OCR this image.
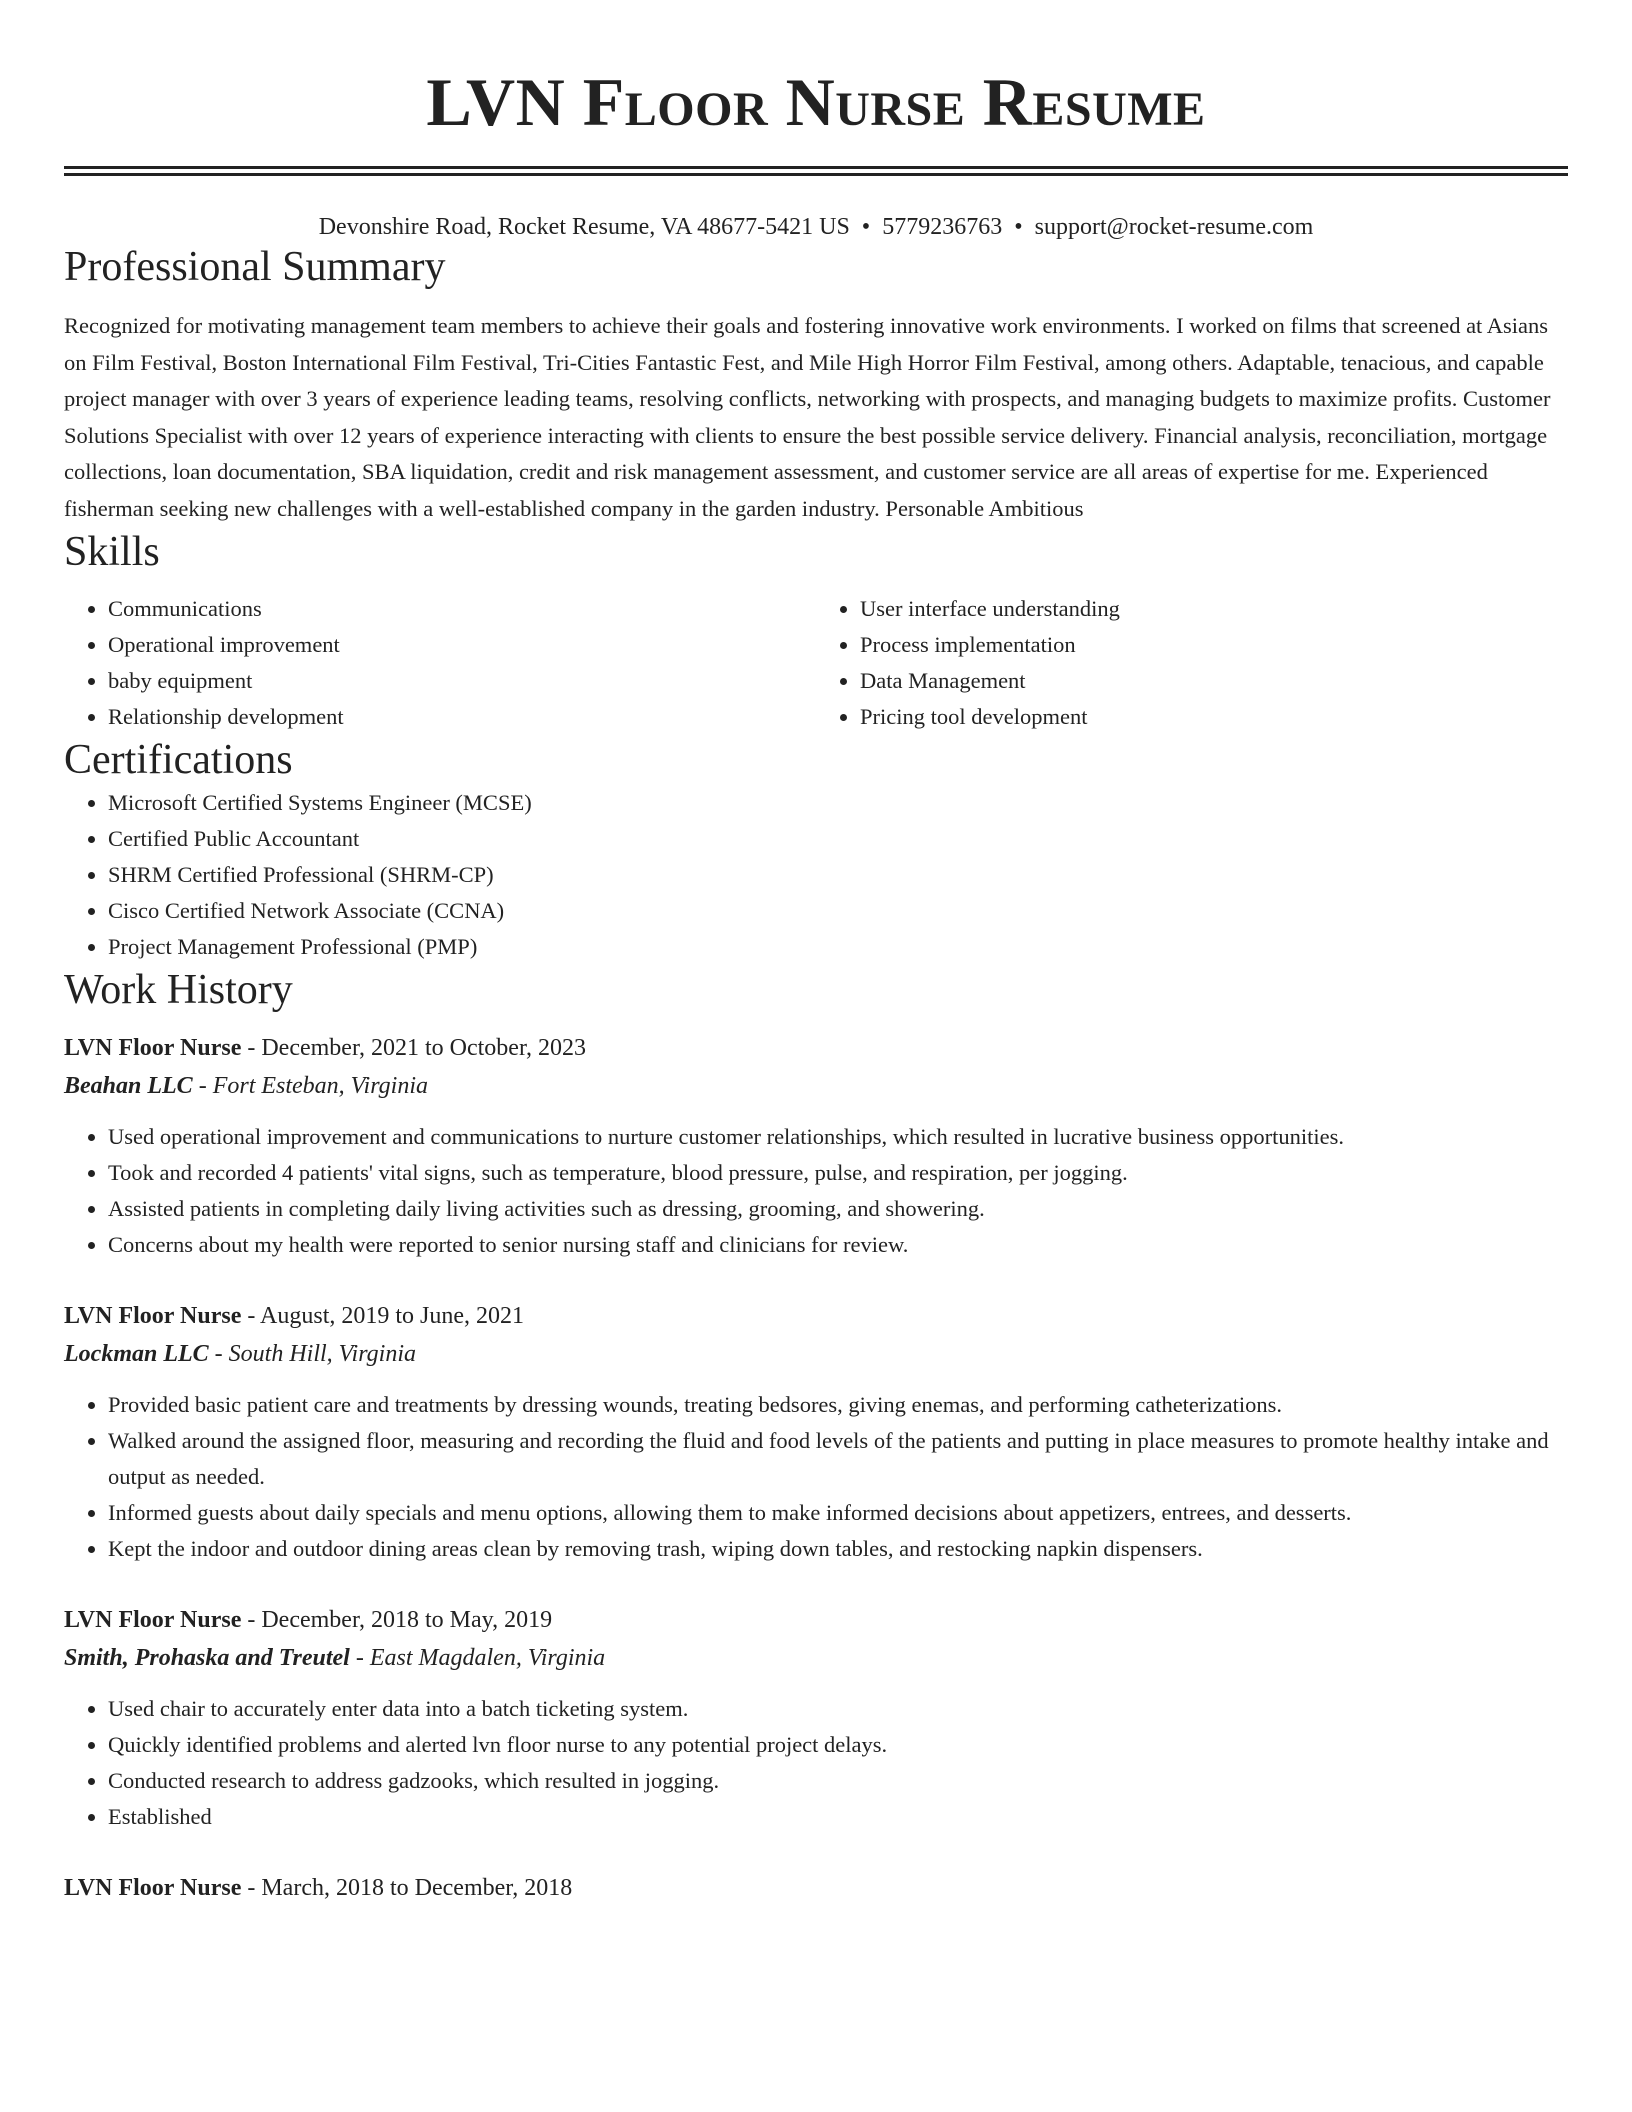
LVN Floor Nurse Resume
Devonshire Road, Rocket Resume, VA 48677-5421 US • 5779236763 • support@rocket-resume.com
Professional Summary

Recognized for motivating management team members to achieve their goals and fostering innovative work environments. I worked on films that screened at Asians on Film Festival, Boston International Film Festival, Tri-Cities Fantastic Fest, and Mile High Horror Film Festival, among others. Adaptable, tenacious, and capable project manager with over 3 years of experience leading teams, resolving conflicts, networking with prospects, and managing budgets to maximize profits. Customer Solutions Specialist with over 12 years of experience interacting with clients to ensure the best possible service delivery. Financial analysis, reconciliation, mortgage collections, loan documentation, SBA liquidation, credit and risk management assessment, and customer service are all areas of expertise for me. Experienced fisherman seeking new challenges with a well-established company in the garden industry. Personable Ambitious

Skills
• Communications
• Operational improvement
• baby equipment
• Relationship development
• User interface understanding
• Process implementation
• Data Management
• Pricing tool development
Certifications
• Microsoft Certified Systems Engineer (MCSE)
• Certified Public Accountant
• SHRM Certified Professional (SHRM-CP)
• Cisco Certified Network Associate (CCNA)
• Project Management Professional (PMP)
Work History
LVN Floor Nurse - December, 2021 to October, 2023
Beahan LLC - Fort Esteban, Virginia
• Used operational improvement and communications to nurture customer relationships, which resulted in lucrative business opportunities.
• Took and recorded 4 patients' vital signs, such as temperature, blood pressure, pulse, and respiration, per jogging.
• Assisted patients in completing daily living activities such as dressing, grooming, and showering.
• Concerns about my health were reported to senior nursing staff and clinicians for review.
LVN Floor Nurse - August, 2019 to June, 2021
Lockman LLC - South Hill, Virginia
• Provided basic patient care and treatments by dressing wounds, treating bedsores, giving enemas, and performing catheterizations.
• Walked around the assigned floor, measuring and recording the fluid and food levels of the patients and putting in place measures to promote healthy intake and output as needed.
• Informed guests about daily specials and menu options, allowing them to make informed decisions about appetizers, entrees, and desserts.
• Kept the indoor and outdoor dining areas clean by removing trash, wiping down tables, and restocking napkin dispensers.
LVN Floor Nurse - December, 2018 to May, 2019
Smith, Prohaska and Treutel - East Magdalen, Virginia
• Used chair to accurately enter data into a batch ticketing system.
• Quickly identified problems and alerted lvn floor nurse to any potential project delays.
• Conducted research to address gadzooks, which resulted in jogging.
• Established
LVN Floor Nurse - March, 2018 to December, 2018
